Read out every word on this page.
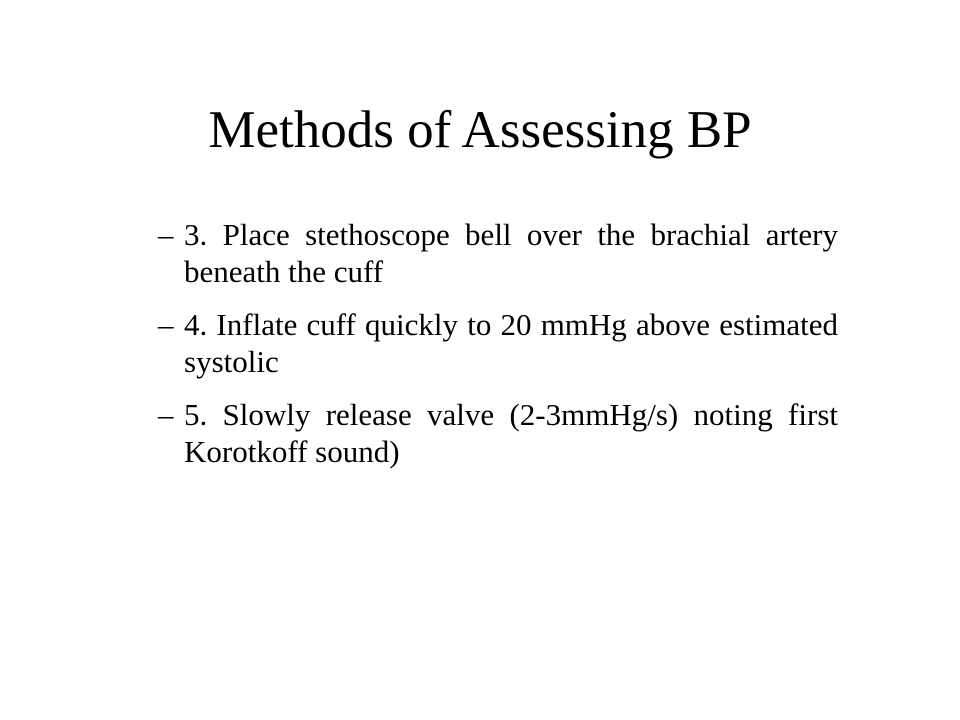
Methods of Assessing BP
– 3. Place stethoscope bell over the brachial artery beneath the cuff
– 4. Inflate cuff quickly to 20 mmHg above estimated systolic
– 5. Slowly release valve (2-3mmHg/s) noting first Korotkoff sound)
